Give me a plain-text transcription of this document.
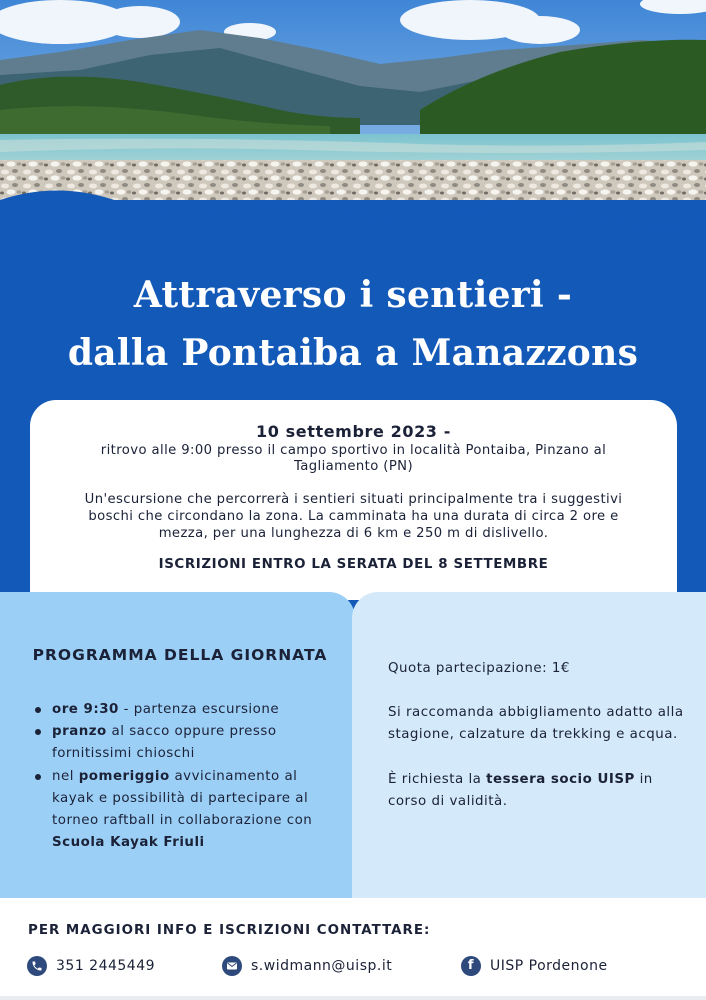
Attraverso i sentieri -
dalla Pontaiba a Manazzons
10 settembre 2023 -
ritrovo alle 9:00 presso il campo sportivo in località Pontaiba, Pinzano al Tagliamento (PN)
Un'escursione che percorrerà i sentieri situati principalmente tra i suggestivi boschi che circondano la zona. La camminata ha una durata di circa 2 ore e mezza, per una lunghezza di 6 km e 250 m di dislivello.
ISCRIZIONI ENTRO LA SERATA DEL 8 SETTEMBRE
PROGRAMMA DELLA GIORNATA
ore 9:30 - partenza escursione
pranzo al sacco oppure presso fornitissimi chioschi
nel pomeriggio avvicinamento al kayak e possibilità di partecipare al torneo raftball in collaborazione con Scuola Kayak Friuli

Quota partecipazione: 1€

Si raccomanda abbigliamento adatto alla stagione, calzature da trekking e acqua.

È richiesta la tessera socio UISP in corso di validità.

PER MAGGIORI INFO E ISCRIZIONI CONTATTARE:
351 2445449	s.widmann@uisp.it	f UISP Pordenone
